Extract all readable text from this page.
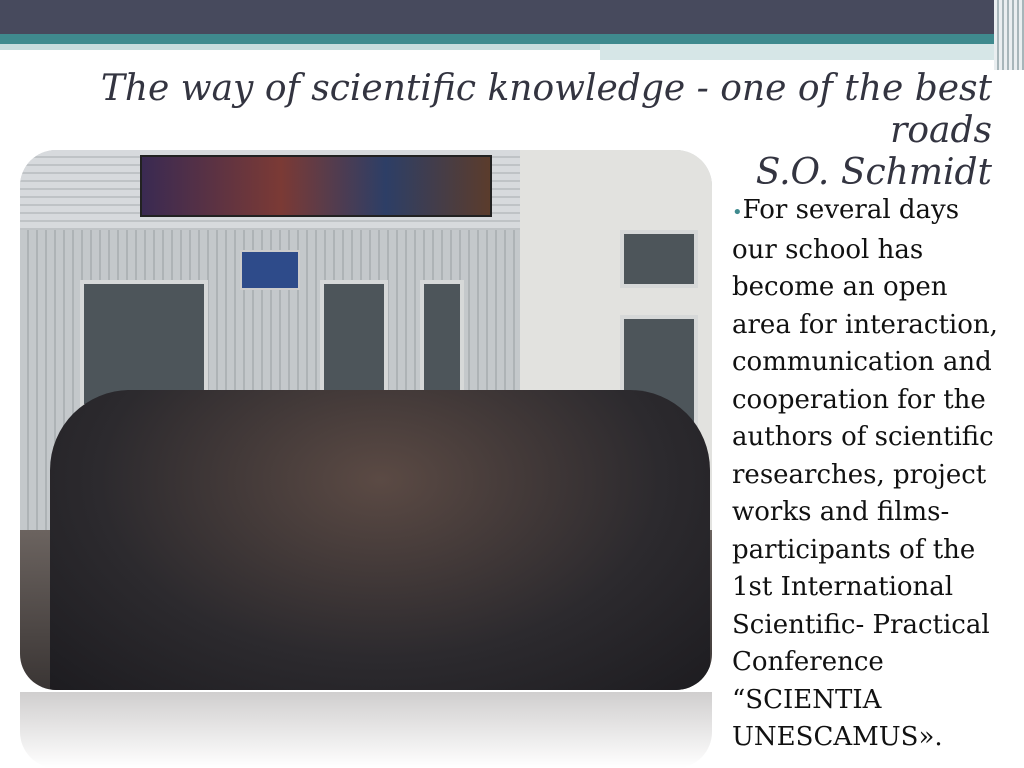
The way of scientific knowledge - one of the best roads
S.O. Schmidt

•For several days
our school has
become an open
area for interaction,
communication and
cooperation for the
authors of scientific
researches, project
works and films-
participants of the
1st International
Scientific- Practical
Conference
“SCIENTIA
UNESCAMUS».
